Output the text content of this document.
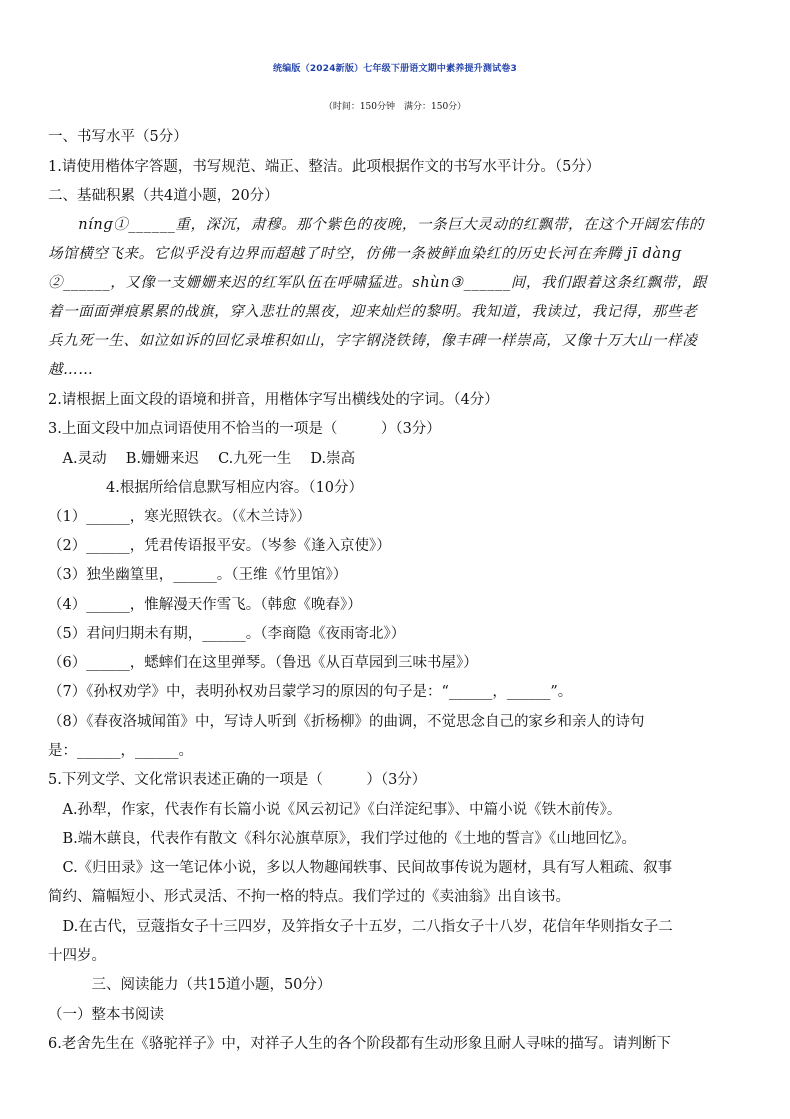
统编版（2024新版）七年级下册语文期中素养提升测试卷3
（时间：150分钟　满分：150分）
一、书写水平（5分）
1.请使用楷体字答题，书写规范、端正、整洁。此项根据作文的书写水平计分。（5分）
二、基础积累（共4道小题，20分）
　　nínɡ①______重，深沉，肃穆。那个紫色的夜晚，一条巨大灵动的红飘带，在这个开阔宏伟的
场馆横空飞来。它似乎没有边界而超越了时空，仿佛一条被鲜血染红的历史长河在奔腾 jī dànɡ
②______，又像一支姗姗来迟的红军队伍在呼啸猛进。shùn③______间，我们跟着这条红飘带，跟
着一面面弹痕累累的战旗，穿入悲壮的黑夜，迎来灿烂的黎明。我知道，我读过，我记得，那些老
兵九死一生、如泣如诉的回忆录堆积如山，字字钢浇铁铸，像丰碑一样崇高，又像十万大山一样凌
越……
2.请根据上面文段的语境和拼音，用楷体字写出横线处的字词。（4分）
3.上面文段中加点词语使用不恰当的一项是（　　　）（3分）
　A.灵动　 B.姗姗来迟　 C.九死一生　 D.崇高
　　　　4.根据所给信息默写相应内容。（10分）
（1）______，寒光照铁衣。（《木兰诗》）
（2）______，凭君传语报平安。（岑参《逢入京使》）
（3）独坐幽篁里，______。（王维《竹里馆》）
（4）______，惟解漫天作雪飞。（韩愈《晚春》）
（5）君问归期未有期，______。（李商隐《夜雨寄北》）
（6）______，蟋蟀们在这里弹琴。（鲁迅《从百草园到三味书屋》）
（7）《孙权劝学》中，表明孙权劝吕蒙学习的原因的句子是：“______，______”。
（8）《春夜洛城闻笛》中，写诗人听到《折杨柳》的曲调，不觉思念自己的家乡和亲人的诗句
是：______，______。
5.下列文学、文化常识表述正确的一项是（　　　）（3分）
　A.孙犁，作家，代表作有长篇小说《风云初记》《白洋淀纪事》、中篇小说《铁木前传》。
　B.端木蕻良，代表作有散文《科尔沁旗草原》，我们学过他的《土地的誓言》《山地回忆》。
　C.《归田录》这一笔记体小说，多以人物趣闻轶事、民间故事传说为题材，具有写人粗疏、叙事
简约、篇幅短小、形式灵活、不拘一格的特点。我们学过的《卖油翁》出自该书。
　D.在古代，豆蔻指女子十三四岁，及笄指女子十五岁，二八指女子十八岁，花信年华则指女子二
十四岁。
　　　三、阅读能力（共15道小题，50分）
（一）整本书阅读
6.老舍先生在《骆驼祥子》中，对祥子人生的各个阶段都有生动形象且耐人寻味的描写。请判断下
